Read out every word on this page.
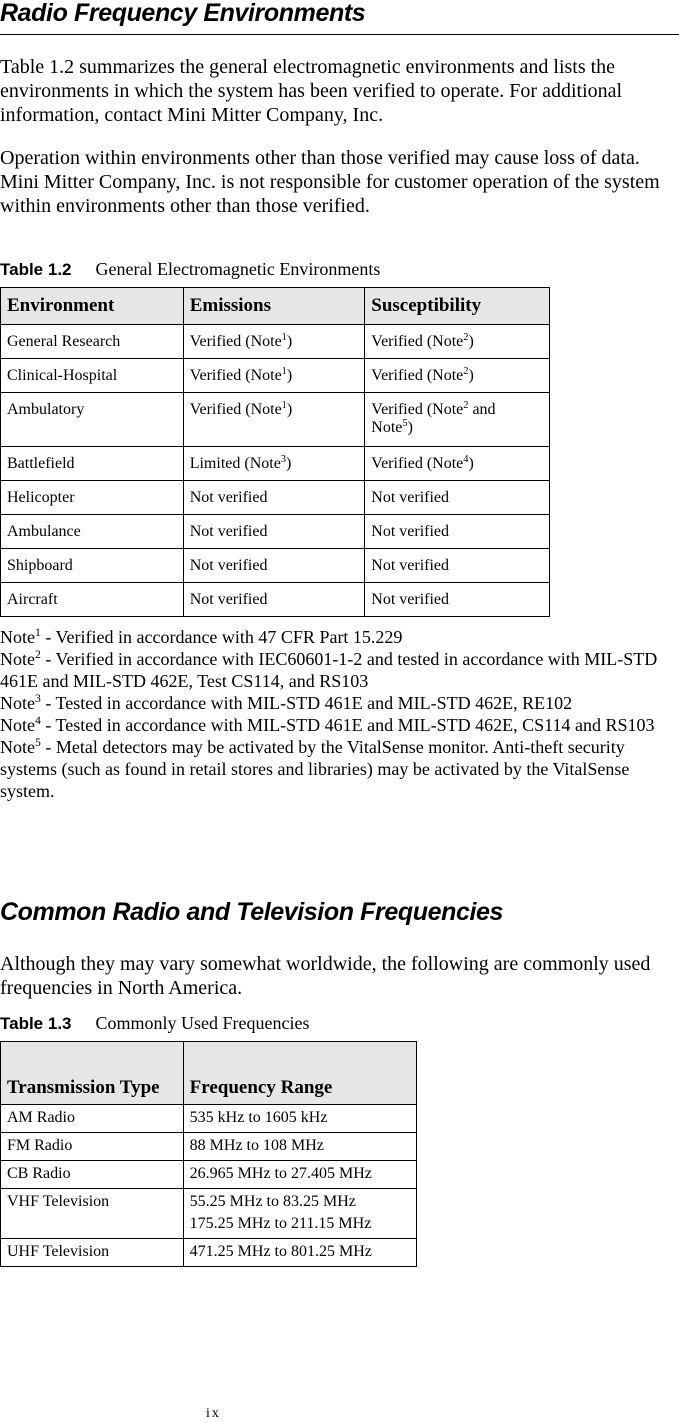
Radio Frequency Environments

Table 1.2 summarizes the general electromagnetic environments and lists the environments in which the system has been verified to operate. For additional information, contact Mini Mitter Company, Inc.

Operation within environments other than those verified may cause loss of data. Mini Mitter Company, Inc. is not responsible for customer operation of the system within environments other than those verified.

Table 1.2 General Electromagnetic Environments

Environment	Emissions	Susceptibility
General Research	Verified (Note$^1$)	Verified (Note$^2$)
Clinical-Hospital	Verified (Note$^1$)	Verified (Note$^2$)
Ambulatory	Verified (Note$^1$)	Verified (Note$^2$ and
Note$^5$)
Battlefield	Limited (Note$^3$)	Verified (Note$^4$)
Helicopter	Not verified	Not verified
Ambulance	Not verified	Not verified
Shipboard	Not verified	Not verified
Aircraft	Not verified	Not verified

Note$^1$ - Verified in accordance with 47 CFR Part 15.229

Note$^2$ - Verified in accordance with IEC60601-1-2 and tested in accordance with MIL-STD 461E and MIL-STD 462E, Test CS114, and RS103

Note$^3$ - Tested in accordance with MIL-STD 461E and MIL-STD 462E, RE102

Note$^4$ - Tested in accordance with MIL-STD 461E and MIL-STD 462E, CS114 and RS103

Note$^5$ - Metal detectors may be activated by the VitalSense monitor. Anti-theft security systems (such as found in retail stores and libraries) may be activated by the VitalSense system.

Common Radio and Television Frequencies

Although they may vary somewhat worldwide, the following are commonly used frequencies in North America.

Table 1.3 Commonly Used Frequencies

Transmission Type	Frequency Range
AM Radio	535 kHz to 1605 kHz
FM Radio	88 MHz to 108 MHz
CB Radio	26.965 MHz to 27.405 MHz
VHF Television	55.25 MHz to 83.25 MHz
175.25 MHz to 211.15 MHz

UHF Television	471.25 MHz to 801.25 MHz
ix
